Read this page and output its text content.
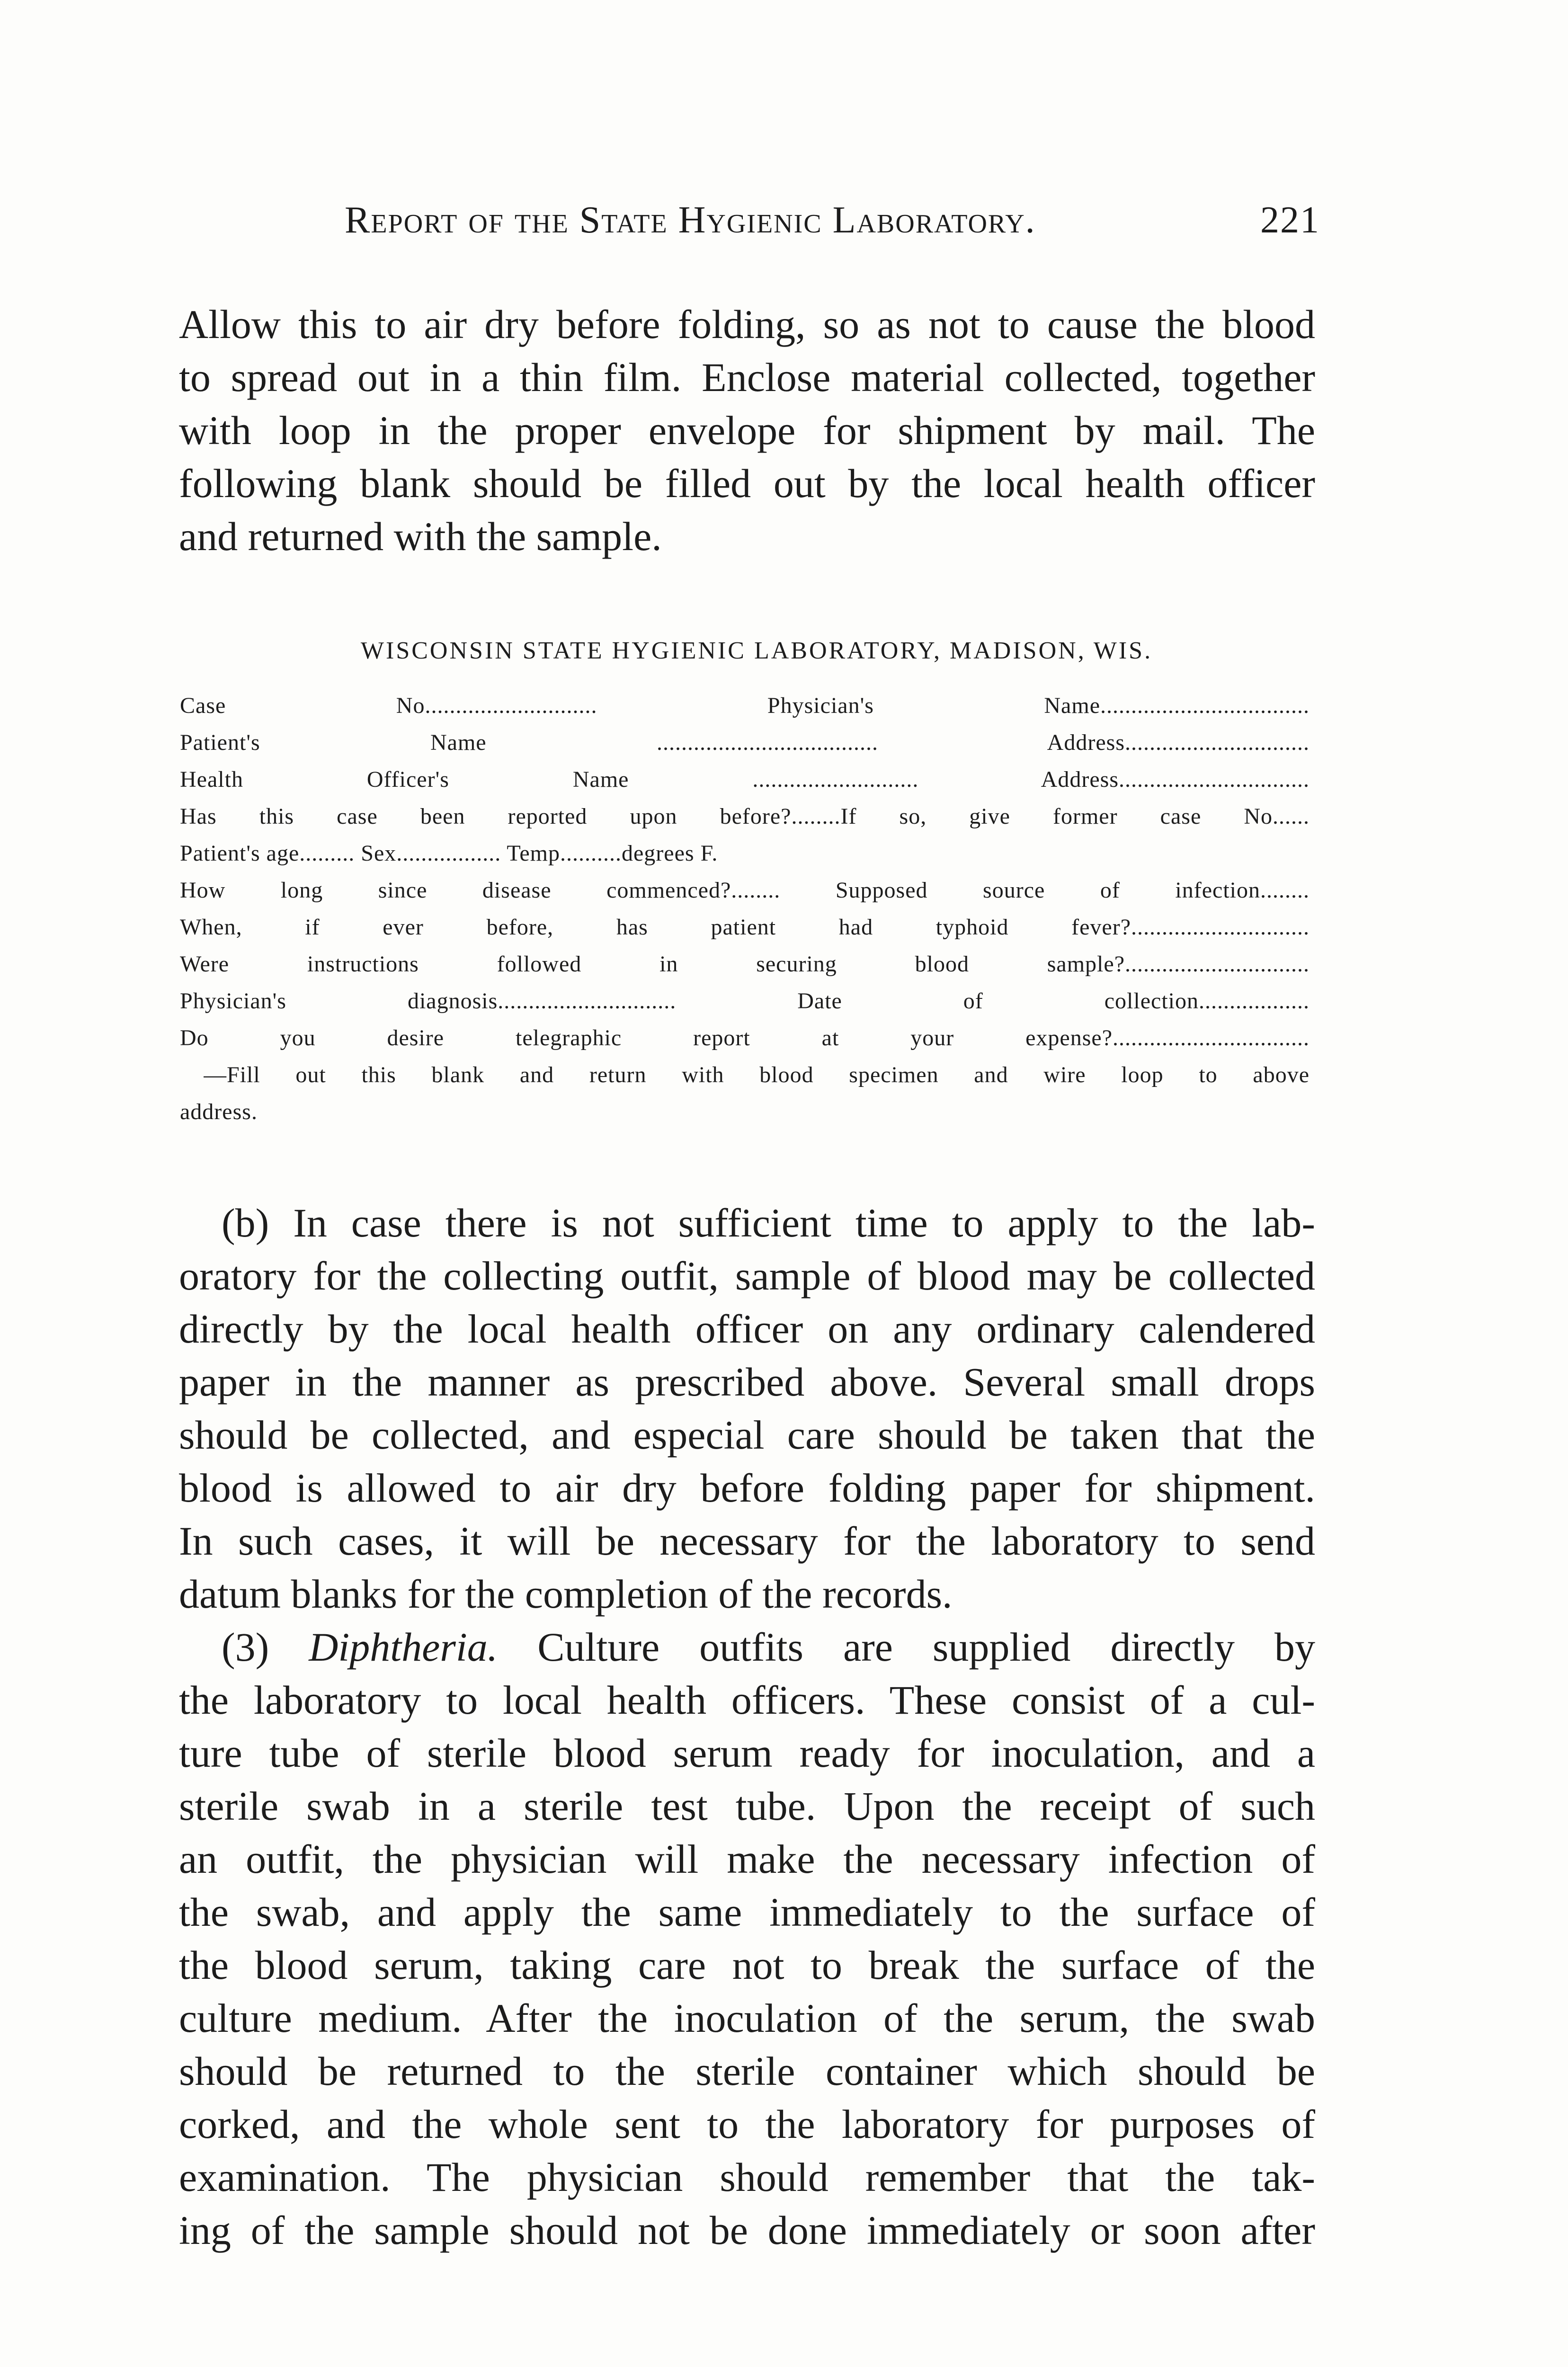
Report of the State Hygienic Laboratory.	221
Allow this to air dry before folding, so as not to cause the blood
to spread out in a thin film. Enclose material collected, together
with loop in the proper envelope for shipment by mail. The
following blank should be filled out by the local health officer
and returned with the sample.
WISCONSIN STATE HYGIENIC LABORATORY, MADISON, WIS.
Case No............................ Physician's Name..................................
Patient's Name .................................... Address..............................
Health Officer's Name ........................... Address...............................
Has this case been reported upon before?........If so, give former case No......
Patient's age......... Sex................. Temp..........degrees F.
How long since disease commenced?........ Supposed source of infection........
When, if ever before, has patient had typhoid fever?.............................
Were instructions followed in securing blood sample?..............................
Physician's diagnosis............................. Date of collection..................
Do you desire telegraphic report at your expense?................................
—Fill out this blank and return with blood specimen and wire loop to above
address.
(b) In case there is not sufficient time to apply to the lab-
oratory for the collecting outfit, sample of blood may be collected
directly by the local health officer on any ordinary calendered
paper in the manner as prescribed above. Several small drops
should be collected, and especial care should be taken that the
blood is allowed to air dry before folding paper for shipment.
In such cases, it will be necessary for the laboratory to send
datum blanks for the completion of the records.
(3) Diphtheria. Culture outfits are supplied directly by
the laboratory to local health officers. These consist of a cul-
ture tube of sterile blood serum ready for inoculation, and a
sterile swab in a sterile test tube. Upon the receipt of such
an outfit, the physician will make the necessary infection of
the swab, and apply the same immediately to the surface of
the blood serum, taking care not to break the surface of the
culture medium. After the inoculation of the serum, the swab
should be returned to the sterile container which should be
corked, and the whole sent to the laboratory for purposes of
examination. The physician should remember that the tak-
ing of the sample should not be done immediately or soon after
